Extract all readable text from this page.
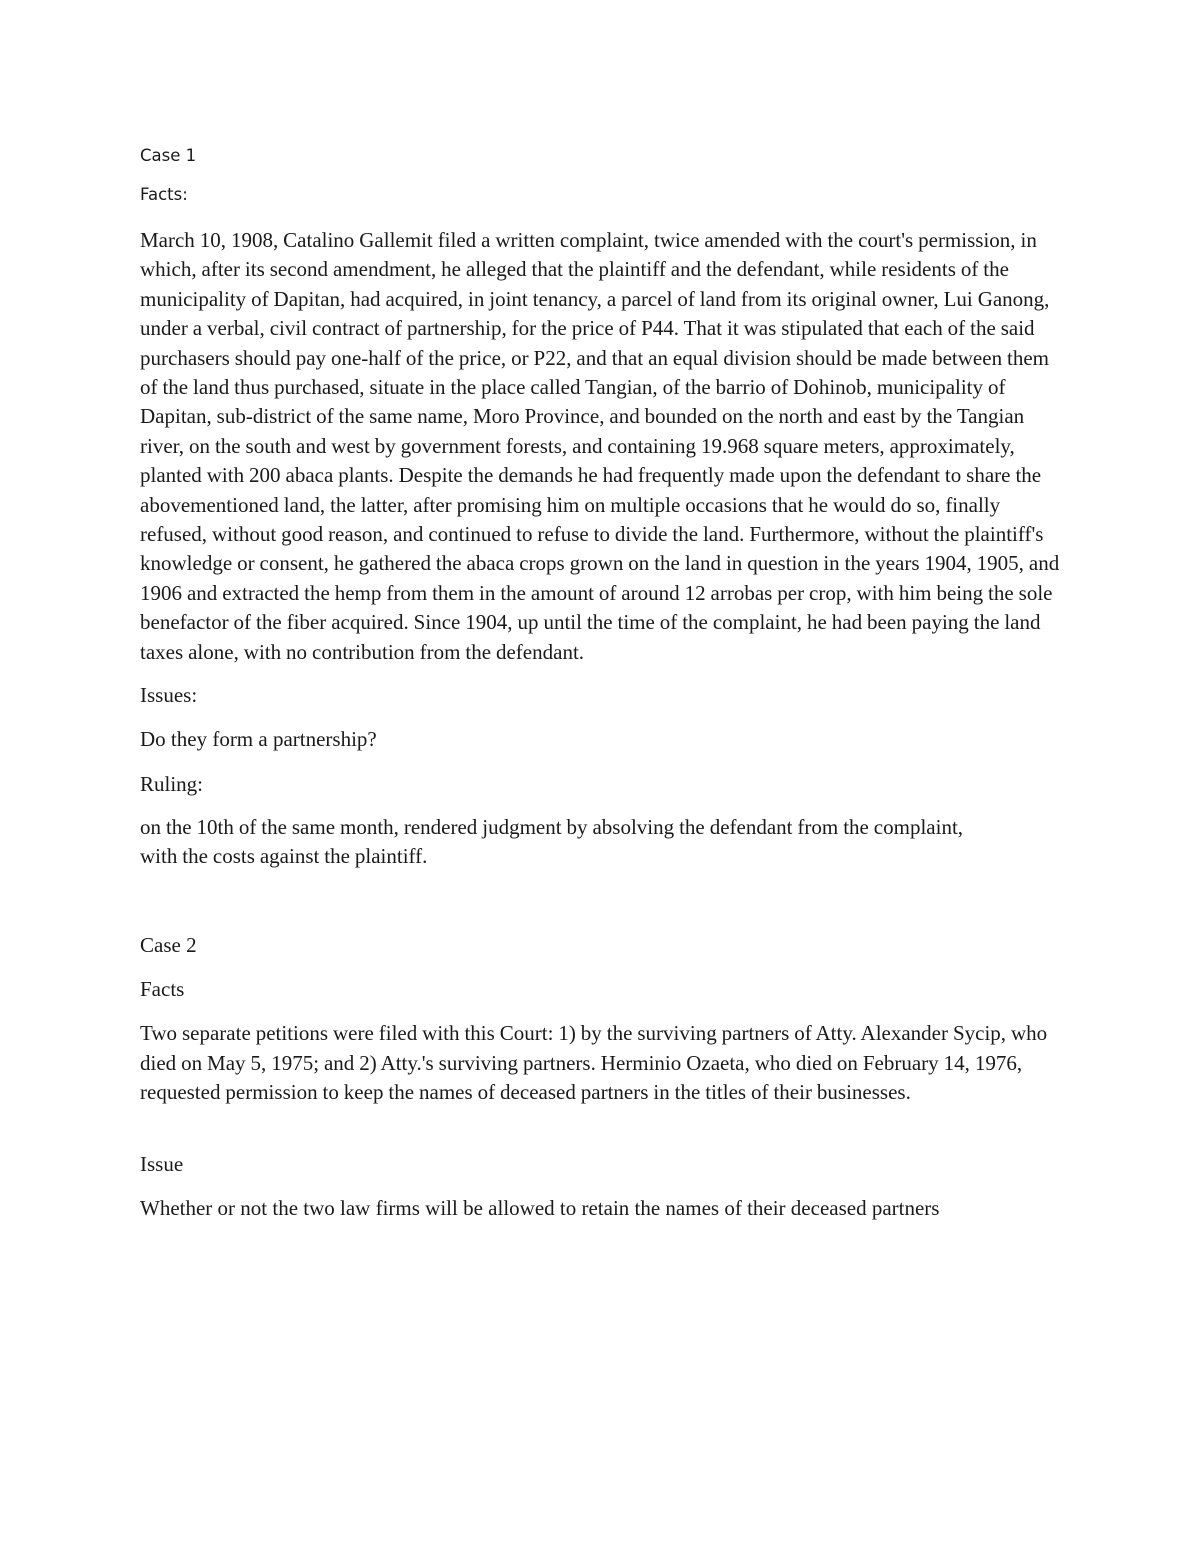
Case 1

Facts:

March 10, 1908, Catalino Gallemit filed a written complaint, twice amended with the court's permission, in which, after its second amendment, he alleged that the plaintiff and the defendant, while residents of the municipality of Dapitan, had acquired, in joint tenancy, a parcel of land from its original owner, Lui Ganong, under a verbal, civil contract of partnership, for the price of P44. That it was stipulated that each of the said purchasers should pay one-half of the price, or P22, and that an equal division should be made between them of the land thus purchased, situate in the place called Tangian, of the barrio of Dohinob, municipality of Dapitan, sub-district of the same name, Moro Province, and bounded on the north and east by the Tangian river, on the south and west by government forests, and containing 19.968 square meters, approximately, planted with 200 abaca plants. Despite the demands he had frequently made upon the defendant to share the abovementioned land, the latter, after promising him on multiple occasions that he would do so, finally refused, without good reason, and continued to refuse to divide the land. Furthermore, without the plaintiff's knowledge or consent, he gathered the abaca crops grown on the land in question in the years 1904, 1905, and 1906 and extracted the hemp from them in the amount of around 12 arrobas per crop, with him being the sole benefactor of the fiber acquired. Since 1904, up until the time of the complaint, he had been paying the land taxes alone, with no contribution from the defendant.

Issues:

Do they form a partnership?

Ruling:

on the 10th of the same month, rendered judgment by absolving the defendant from the complaint, with the costs against the plaintiff.

Case 2

Facts

Two separate petitions were filed with this Court: 1) by the surviving partners of Atty. Alexander Sycip, who died on May 5, 1975; and 2) Atty.'s surviving partners. Herminio Ozaeta, who died on February 14, 1976, requested permission to keep the names of deceased partners in the titles of their businesses.

Issue

Whether or not the two law firms will be allowed to retain the names of their deceased partners
